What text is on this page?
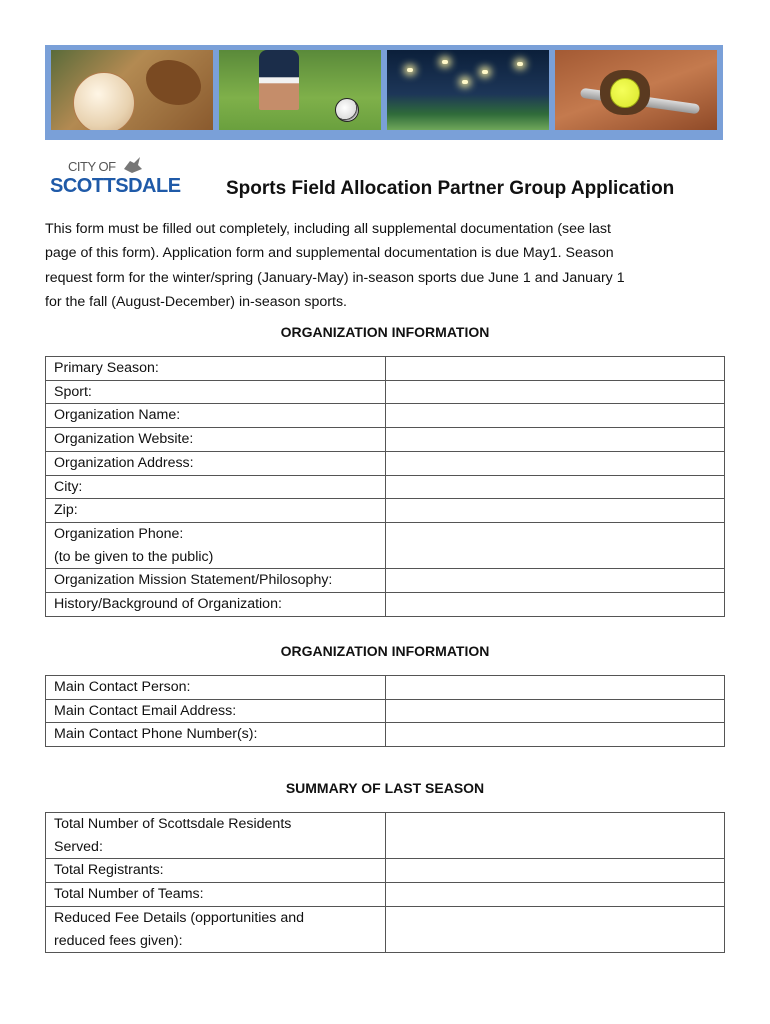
CITY OF
SCOTTSDALE Sports Field Allocation Partner Group Application
This form must be filled out completely, including all supplemental documentation (see last
page of this form). Application form and supplemental documentation is due May1. Season
request form for the winter/spring (January-May) in-season sports due June 1 and January 1
for the fall (August-December) in-season sports.
ORGANIZATION INFORMATION
Primary Season:	
Sport:	
Organization Name:	
Organization Website:	
Organization Address:	
City:	
Zip:	

Organization Phone:
(to be given to the public)	

Organization Mission Statement/Philosophy:	
History/Background of Organization:	
ORGANIZATION INFORMATION
Main Contact Person:	
Main Contact Email Address:	
Main Contact Phone Number(s):	
SUMMARY OF LAST SEASON
Total Number of Scottsdale Residents
Served:	

Total Registrants:	
Total Number of Teams:	

Reduced Fee Details (opportunities and
reduced fees given):	
